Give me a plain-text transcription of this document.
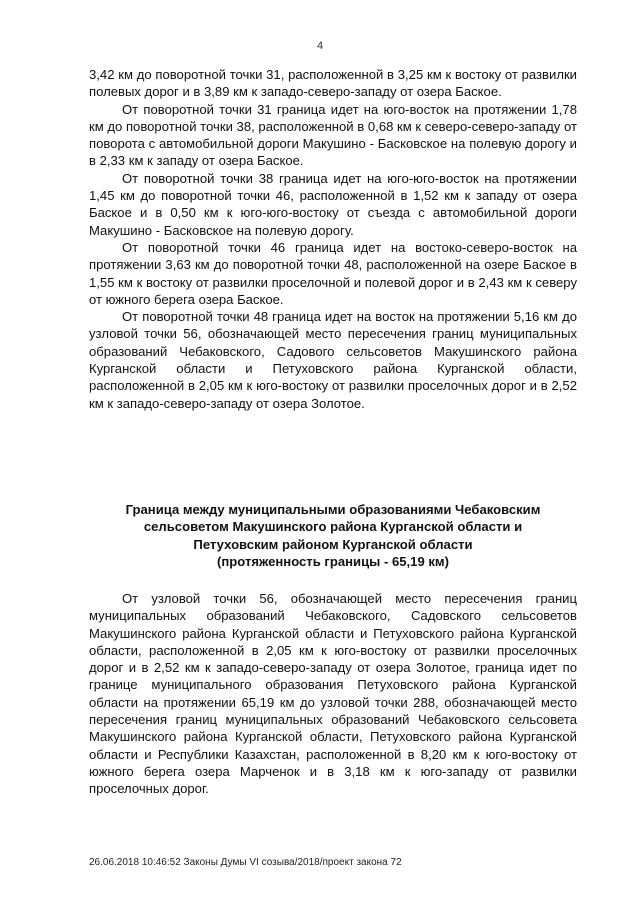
4

3,42 км до поворотной точки 31, расположенной в 3,25 км к востоку от развилки полевых дорог и в 3,89 км к западо-северо-западу от озера Баское.

От поворотной точки 31 граница идет на юго-восток на протяжении 1,78 км до поворотной точки 38, расположенной в 0,68 км к северо-северо-западу от поворота с автомобильной дороги Макушино - Басковское на полевую дорогу и в 2,33 км к западу от озера Баское.

От поворотной точки 38 граница идет на юго-юго-восток на протяжении 1,45 км до поворотной точки 46, расположенной в 1,52 км к западу от озера Баское и в 0,50 км к юго-юго-востоку от съезда с автомобильной дороги Макушино - Басковское на полевую дорогу.

От поворотной точки 46 граница идет на востоко-северо-восток на протяжении 3,63 км до поворотной точки 48, расположенной на озере Баское в 1,55 км к востоку от развилки проселочной и полевой дорог и в 2,43 км к северу от южного берега озера Баское.

От поворотной точки 48 граница идет на восток на протяжении 5,16 км до узловой точки 56, обозначающей место пересечения границ муниципальных образований Чебаковского, Садового сельсоветов Макушинского района Курганской области и Петуховского района Курганской области, расположенной в 2,05 км к юго-востоку от развилки проселочных дорог и в 2,52 км к западо-северо-западу от озера Золотое.

Граница между муниципальными образованиями Чебаковским
сельсоветом Макушинского района Курганской области и
Петуховским районом Курганской области
(протяженность границы - 65,19 км)

От узловой точки 56, обозначающей место пересечения границ муниципальных образований Чебаковского, Садовского сельсоветов Макушинского района Курганской области и Петуховского района Курганской области, расположенной в 2,05 км к юго-востоку от развилки проселочных дорог и в 2,52 км к западо-северо-западу от озера Золотое, граница идет по границе муниципального образования Петуховского района Курганской области на протяжении 65,19 км до узловой точки 288, обозначающей место пересечения границ муниципальных образований Чебаковского сельсовета Макушинского района Курганской области, Петуховского района Курганской области и Республики Казахстан, расположенной в 8,20 км к юго-востоку от южного берега озера Марченок и в 3,18 км к юго-западу от развилки проселочных дорог.

26.06.2018 10:46:52 Законы Думы VI созыва/2018/проект закона 72
